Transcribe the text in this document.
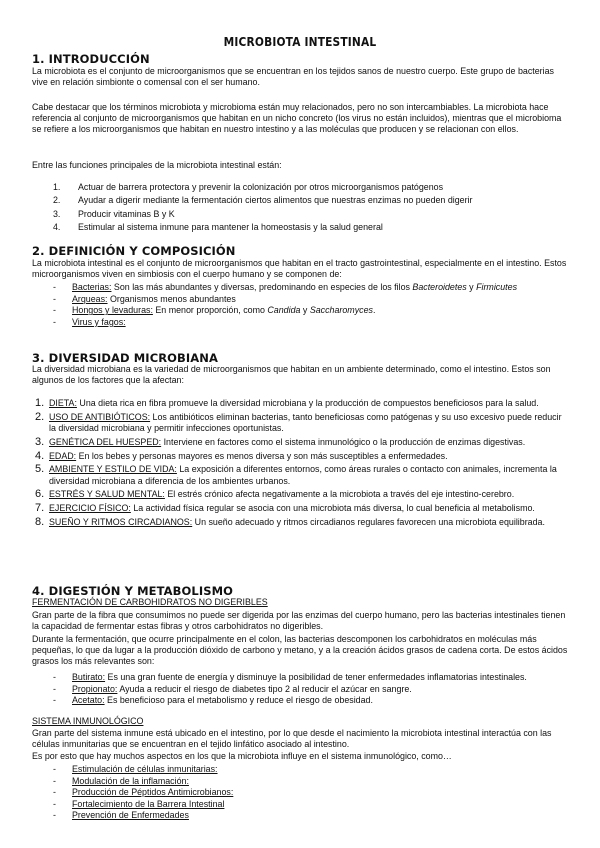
MICROBIOTA INTESTINAL
1. INTRODUCCIÓN
La microbiota es el conjunto de microorganismos que se encuentran en los tejidos sanos de nuestro cuerpo. Este grupo de bacterias vive en relación simbionte o comensal con el ser humano.
Cabe destacar que los términos microbiota y microbioma están muy relacionados, pero no son intercambiables. La microbiota hace referencia al conjunto de microorganismos que habitan en un nicho concreto (los virus no están incluidos), mientras que el microbioma se refiere a los microorganismos que habitan en nuestro intestino y a las moléculas que producen y se relacionan con ellos.
Entre las funciones principales de la microbiota intestinal están:
1. Actuar de barrera protectora y prevenir la colonización por otros microorganismos patógenos
2. Ayudar a digerir mediante la fermentación ciertos alimentos que nuestras enzimas no pueden digerir
3. Producir vitaminas B y K
4. Estimular al sistema inmune para mantener la homeostasis y la salud general
2. DEFINICIÓN Y COMPOSICIÓN
La microbiota intestinal es el conjunto de microorganismos que habitan en el tracto gastrointestinal, especialmente en el intestino. Estos microorganismos viven en simbiosis con el cuerpo humano y se componen de:
- Bacterias: Son las más abundantes y diversas, predominando en especies de los filos Bacteroidetes y Firmicutes
- Arqueas: Organismos menos abundantes
- Hongos y levaduras: En menor proporción, como Candida y Saccharomyces.
- Virus y fagos:
3. DIVERSIDAD MICROBIANA
La diversidad microbiana es la variedad de microorganismos que habitan en un ambiente determinado, como el intestino. Estos son algunos de los factores que la afectan:
1. DIETA: Una dieta rica en fibra promueve la diversidad microbiana y la producción de compuestos beneficiosos para la salud.
2. USO DE ANTIBIÓTICOS: Los antibióticos eliminan bacterias, tanto beneficiosas como patógenas y su uso excesivo puede reducir la diversidad microbiana y permitir infecciones oportunistas.
3. GENÉTICA DEL HUESPED: Interviene en factores como el sistema inmunológico o la producción de enzimas digestivas.
4. EDAD: En los bebes y personas mayores es menos diversa y son más susceptibles a enfermedades.
5. AMBIENTE Y ESTILO DE VIDA: La exposición a diferentes entornos, como áreas rurales o contacto con animales, incrementa la diversidad microbiana a diferencia de los ambientes urbanos.
6. ESTRÉS Y SALUD MENTAL: El estrés crónico afecta negativamente a la microbiota a través del eje intestino-cerebro.
7. EJERCICIO FÍSICO: La actividad física regular se asocia con una microbiota más diversa, lo cual beneficia al metabolismo.
8. SUEÑO Y RITMOS CIRCADIANOS: Un sueño adecuado y ritmos circadianos regulares favorecen una microbiota equilibrada.
4. DIGESTIÓN Y METABOLISMO
FERMENTACIÓN DE CARBOHIDRATOS NO DIGERIBLES
Gran parte de la fibra que consumimos no puede ser digerida por las enzimas del cuerpo humano, pero las bacterias intestinales tienen la capacidad de fermentar estas fibras y otros carbohidratos no digeribles.
Durante la fermentación, que ocurre principalmente en el colon, las bacterias descomponen los carbohidratos en moléculas más pequeñas, lo que da lugar a la producción dióxido de carbono y metano, y a la creación ácidos grasos de cadena corta. De estos ácidos grasos los más relevantes son:
- Butirato: Es una gran fuente de energía y disminuye la posibilidad de tener enfermedades inflamatorias intestinales.
- Propionato: Ayuda a reducir el riesgo de diabetes tipo 2 al reducir el azúcar en sangre.
- Acetato: Es beneficioso para el metabolismo y reduce el riesgo de obesidad.
SISTEMA INMUNOLÓGICO
Gran parte del sistema inmune está ubicado en el intestino, por lo que desde el nacimiento la microbiota intestinal interactúa con las células inmunitarias que se encuentran en el tejido linfático asociado al intestino.
Es por esto que hay muchos aspectos en los que la microbiota influye en el sistema inmunológico, como…
- Estimulación de células inmunitarias:
- Modulación de la inflamación:
- Producción de Péptidos Antimicrobianos:
- Fortalecimiento de la Barrera Intestinal
- Prevención de Enfermedades
